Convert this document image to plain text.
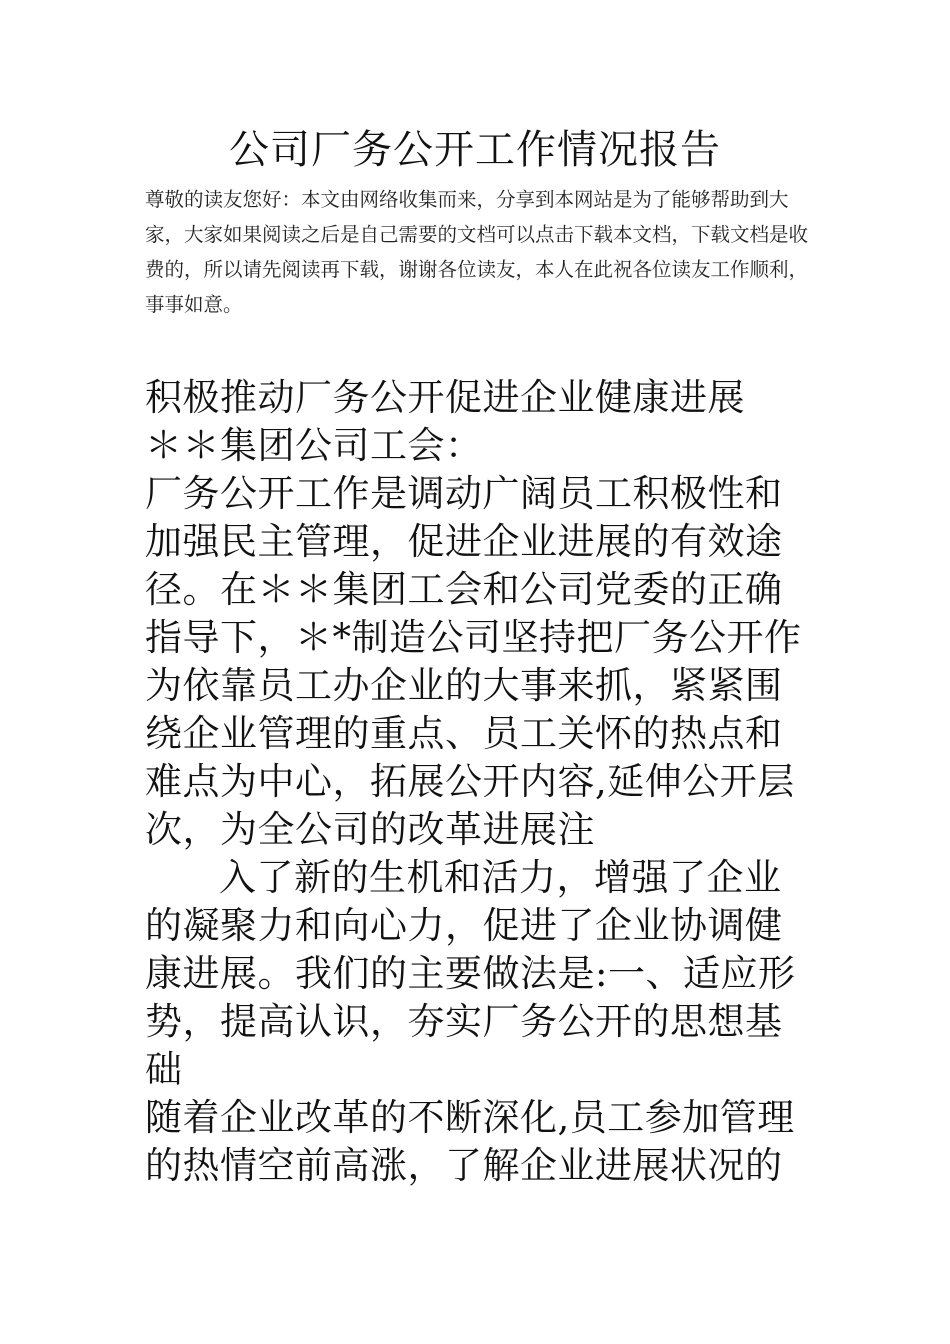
公司厂务公开工作情况报告

尊敬的读友您好：本文由网络收集而来，分享到本网站是为了能够帮助到大家，大家如果阅读之后是自己需要的文档可以点击下载本文档，下载文档是收费的，所以请先阅读再下载，谢谢各位读友，本人在此祝各位读友工作顺利，事事如意。

积极推动厂务公开促进企业健康进展

＊＊集团公司工会：

厂务公开工作是调动广阔员工积极性和加强民主管理，促进企业进展的有效途径。在＊＊集团工会和公司党委的正确指导下，＊*制造公司坚持把厂务公开作为依靠员工办企业的大事来抓，紧紧围绕企业管理的重点、员工关怀的热点和难点为中心，拓展公开内容,延伸公开层次，为全公司的改革进展注

入了新的生机和活力，增强了企业的凝聚力和向心力，促进了企业协调健康进展。我们的主要做法是:一、适应形势，提高认识，夯实厂务公开的思想基础

随着企业改革的不断深化,员工参加管理的热情空前高涨，了解企业进展状况的
